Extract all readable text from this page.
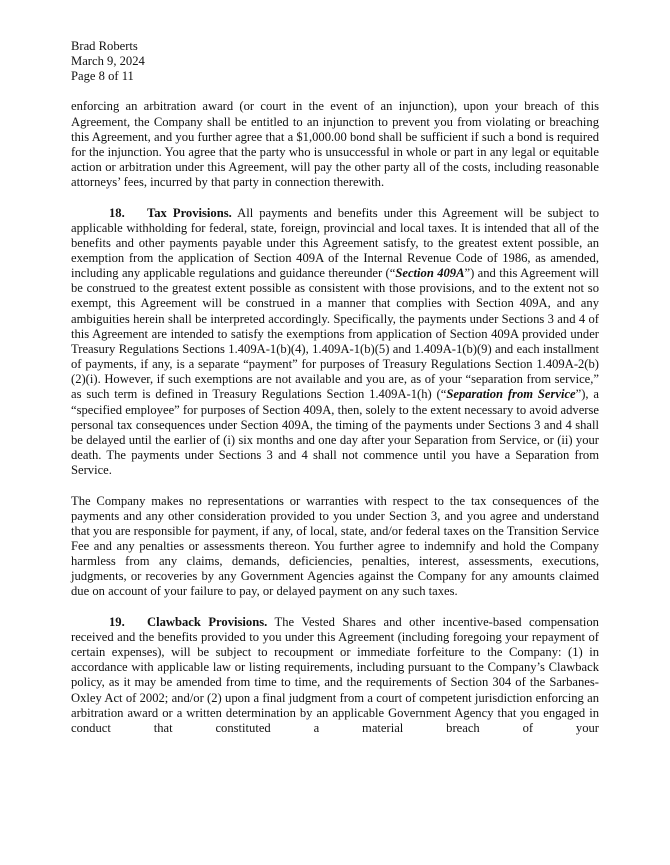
Brad Roberts
March 9, 2024
Page 8 of 11

enforcing an arbitration award (or court in the event of an injunction), upon your breach of this Agreement, the Company shall be entitled to an injunction to prevent you from violating or breaching this Agreement, and you further agree that a $1,000.00 bond shall be sufficient if such a bond is required for the injunction. You agree that the party who is unsuccessful in whole or part in any legal or equitable action or arbitration under this Agreement, will pay the other party all of the costs, including reasonable attorneys’ fees, incurred by that party in connection therewith.

18. Tax Provisions. All payments and benefits under this Agreement will be subject to applicable withholding for federal, state, foreign, provincial and local taxes. It is intended that all of the benefits and other payments payable under this Agreement satisfy, to the greatest extent possible, an exemption from the application of Section 409A of the Internal Revenue Code of 1986, as amended, including any applicable regulations and guidance thereunder (“Section 409A”) and this Agreement will be construed to the greatest extent possible as consistent with those provisions, and to the extent not so exempt, this Agreement will be construed in a manner that complies with Section 409A, and any ambiguities herein shall be interpreted accordingly. Specifically, the payments under Sections 3 and 4 of this Agreement are intended to satisfy the exemptions from application of Section 409A provided under Treasury Regulations Sections 1.409A-1(b)(4), 1.409A-1(b)(5) and 1.409A-1(b)(9) and each installment of payments, if any, is a separate “payment” for purposes of Treasury Regulations Section 1.409A-2(b)(2)(i). However, if such exemptions are not available and you are, as of your “separation from service,” as such term is defined in Treasury Regulations Section 1.409A-1(h) (“Separation from Service”), a “specified employee” for purposes of Section 409A, then, solely to the extent necessary to avoid adverse personal tax consequences under Section 409A, the timing of the payments under Sections 3 and 4 shall be delayed until the earlier of (i) six months and one day after your Separation from Service, or (ii) your death. The payments under Sections 3 and 4 shall not commence until you have a Separation from Service.

The Company makes no representations or warranties with respect to the tax consequences of the payments and any other consideration provided to you under Section 3, and you agree and understand that you are responsible for payment, if any, of local, state, and/or federal taxes on the Transition Service Fee and any penalties or assessments thereon. You further agree to indemnify and hold the Company harmless from any claims, demands, deficiencies, penalties, interest, assessments, executions, judgments, or recoveries by any Government Agencies against the Company for any amounts claimed due on account of your failure to pay, or delayed payment on any such taxes.

19. Clawback Provisions. The Vested Shares and other incentive-based compensation received and the benefits provided to you under this Agreement (including foregoing your repayment of certain expenses), will be subject to recoupment or immediate forfeiture to the Company: (1) in accordance with applicable law or listing requirements, including pursuant to the Company’s Clawback policy, as it may be amended from time to time, and the requirements of Section 304 of the Sarbanes-Oxley Act of 2002; and/or (2) upon a final judgment from a court of competent jurisdiction enforcing an arbitration award or a written determination by an applicable Government Agency that you engaged in conduct that constituted a material breach of your
